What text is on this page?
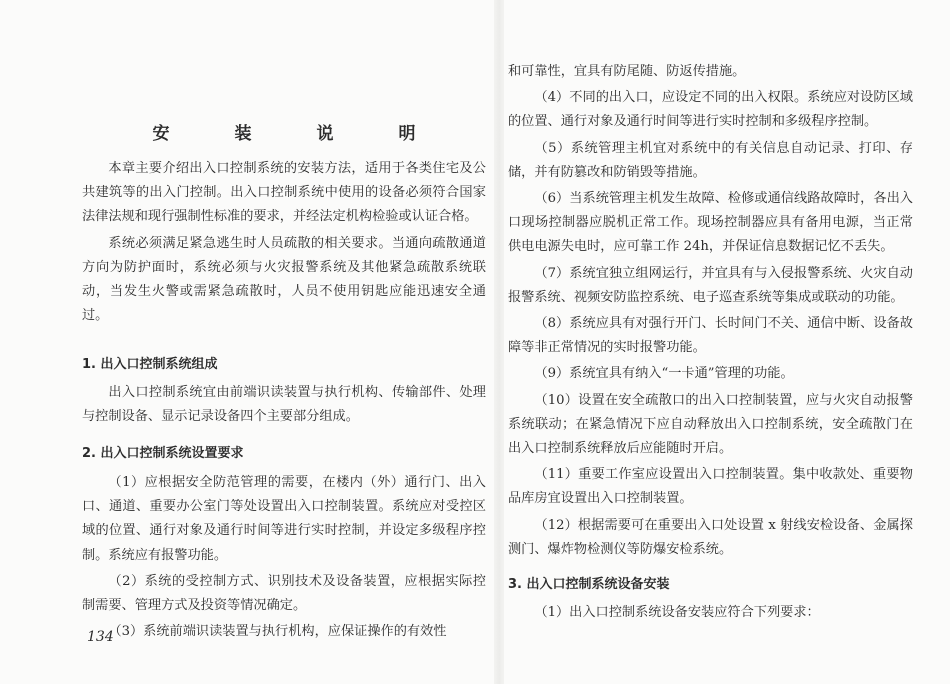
安　装　说　明

本章主要介绍出入口控制系统的安装方法，适用于各类住宅及公共建筑等的出入门控制。出入口控制系统中使用的设备必须符合国家法律法规和现行强制性标准的要求，并经法定机构检验或认证合格。

系统必须满足紧急逃生时人员疏散的相关要求。当通向疏散通道方向为防护面时，系统必须与火灾报警系统及其他紧急疏散系统联动，当发生火警或需紧急疏散时，人员不使用钥匙应能迅速安全通过。

1. 出入口控制系统组成

出入口控制系统宜由前端识读装置与执行机构、传输部件、处理与控制设备、显示记录设备四个主要部分组成。

2. 出入口控制系统设置要求

（1）应根据安全防范管理的需要，在楼内（外）通行门、出入口、通道、重要办公室门等处设置出入口控制装置。系统应对受控区域的位置、通行对象及通行时间等进行实时控制，并设定多级程序控制。系统应有报警功能。

（2）系统的受控制方式、识别技术及设备装置，应根据实际控制需要、管理方式及投资等情况确定。

（3）系统前端识读装置与执行机构，应保证操作的有效性

134

和可靠性，宜具有防尾随、防返传措施。

（4）不同的出入口，应设定不同的出入权限。系统应对设防区域的位置、通行对象及通行时间等进行实时控制和多级程序控制。

（5）系统管理主机宜对系统中的有关信息自动记录、打印、存储，并有防篡改和防销毁等措施。

（6）当系统管理主机发生故障、检修或通信线路故障时，各出入口现场控制器应脱机正常工作。现场控制器应具有备用电源，当正常供电电源失电时，应可靠工作 24h，并保证信息数据记忆不丢失。

（7）系统宜独立组网运行，并宜具有与入侵报警系统、火灾自动报警系统、视频安防监控系统、电子巡查系统等集成或联动的功能。

（8）系统应具有对强行开门、长时间门不关、通信中断、设备故障等非正常情况的实时报警功能。

（9）系统宜具有纳入“一卡通”管理的功能。

（10）设置在安全疏散口的出入口控制装置，应与火灾自动报警系统联动；在紧急情况下应自动释放出入口控制系统，安全疏散门在出入口控制系统释放后应能随时开启。

（11）重要工作室应设置出入口控制装置。集中收款处、重要物品库房宜设置出入口控制装置。

（12）根据需要可在重要出入口处设置 x 射线安检设备、金属探测门、爆炸物检测仪等防爆安检系统。

3. 出入口控制系统设备安装

（1）出入口控制系统设备安装应符合下列要求：
